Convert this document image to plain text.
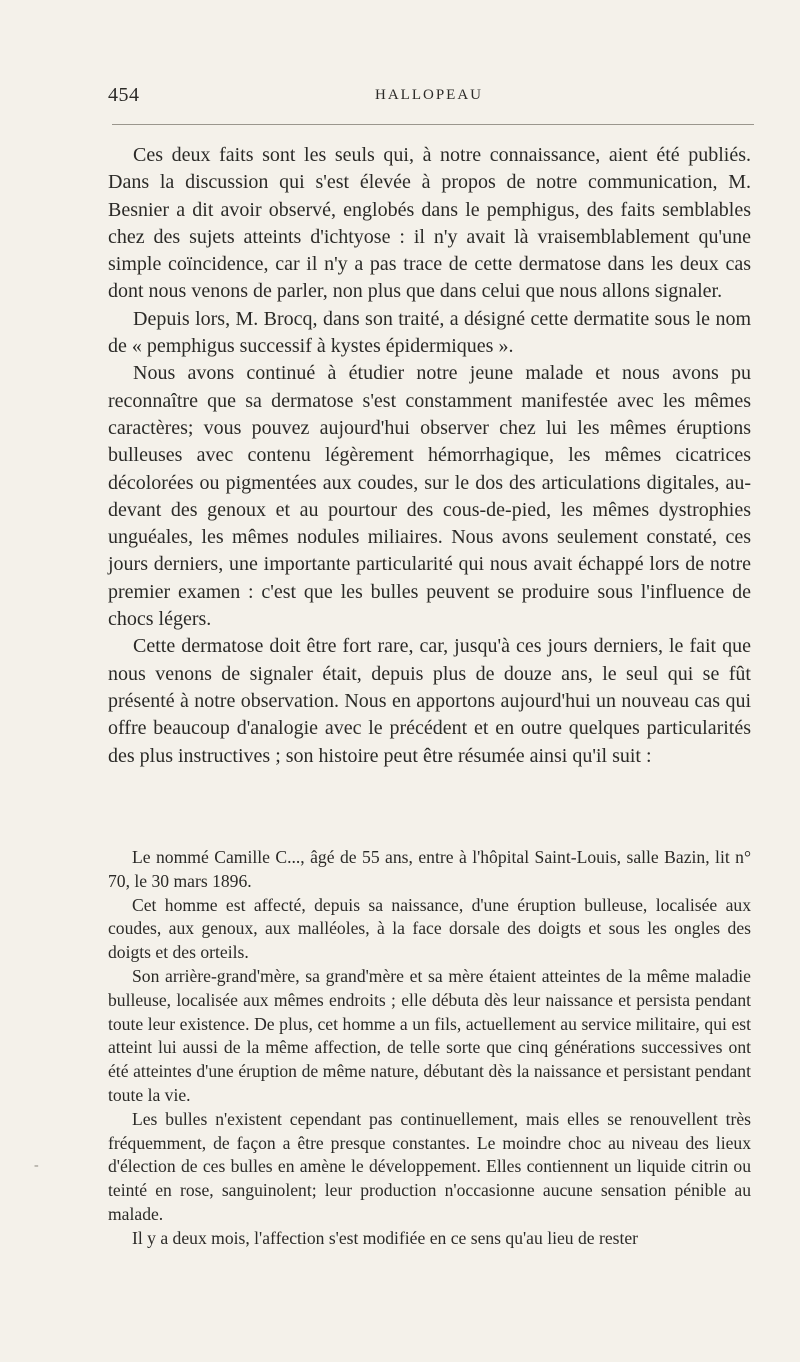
454	HALLOPEAU

Ces deux faits sont les seuls qui, à notre connaissance, aient été publiés. Dans la discussion qui s'est élevée à propos de notre communication, M. Besnier a dit avoir observé, englobés dans le pemphigus, des faits semblables chez des sujets atteints d'ichtyose : il n'y avait là vraisemblablement qu'une simple coïncidence, car il n'y a pas trace de cette dermatose dans les deux cas dont nous venons de parler, non plus que dans celui que nous allons signaler.

Depuis lors, M. Brocq, dans son traité, a désigné cette dermatite sous le nom de « pemphigus successif à kystes épidermiques ».

Nous avons continué à étudier notre jeune malade et nous avons pu reconnaître que sa dermatose s'est constamment manifestée avec les mêmes caractères; vous pouvez aujourd'hui observer chez lui les mêmes éruptions bulleuses avec contenu légèrement hémorrhagique, les mêmes cicatrices décolorées ou pigmentées aux coudes, sur le dos des articulations digitales, au-devant des genoux et au pourtour des cous-de-pied, les mêmes dystrophies unguéales, les mêmes nodules miliaires. Nous avons seulement constaté, ces jours derniers, une importante particularité qui nous avait échappé lors de notre premier examen : c'est que les bulles peuvent se produire sous l'influence de chocs légers.

Cette dermatose doit être fort rare, car, jusqu'à ces jours derniers, le fait que nous venons de signaler était, depuis plus de douze ans, le seul qui se fût présenté à notre observation. Nous en apportons aujourd'hui un nouveau cas qui offre beaucoup d'analogie avec le précédent et en outre quelques particularités des plus instructives ; son histoire peut être résumée ainsi qu'il suit :

Le nommé Camille C..., âgé de 55 ans, entre à l'hôpital Saint-Louis, salle Bazin, lit n° 70, le 30 mars 1896.

Cet homme est affecté, depuis sa naissance, d'une éruption bulleuse, localisée aux coudes, aux genoux, aux malléoles, à la face dorsale des doigts et sous les ongles des doigts et des orteils.

Son arrière-grand'mère, sa grand'mère et sa mère étaient atteintes de la même maladie bulleuse, localisée aux mêmes endroits ; elle débuta dès leur naissance et persista pendant toute leur existence. De plus, cet homme a un fils, actuellement au service militaire, qui est atteint lui aussi de la même affection, de telle sorte que cinq générations successives ont été atteintes d'une éruption de même nature, débutant dès la naissance et persistant pendant toute la vie.

Les bulles n'existent cependant pas continuellement, mais elles se renouvellent très fréquemment, de façon a être presque constantes. Le moindre choc au niveau des lieux d'élection de ces bulles en amène le développement. Elles contiennent un liquide citrin ou teinté en rose, sanguinolent; leur production n'occasionne aucune sensation pénible au malade.

Il y a deux mois, l'affection s'est modifiée en ce sens qu'au lieu de rester

-
